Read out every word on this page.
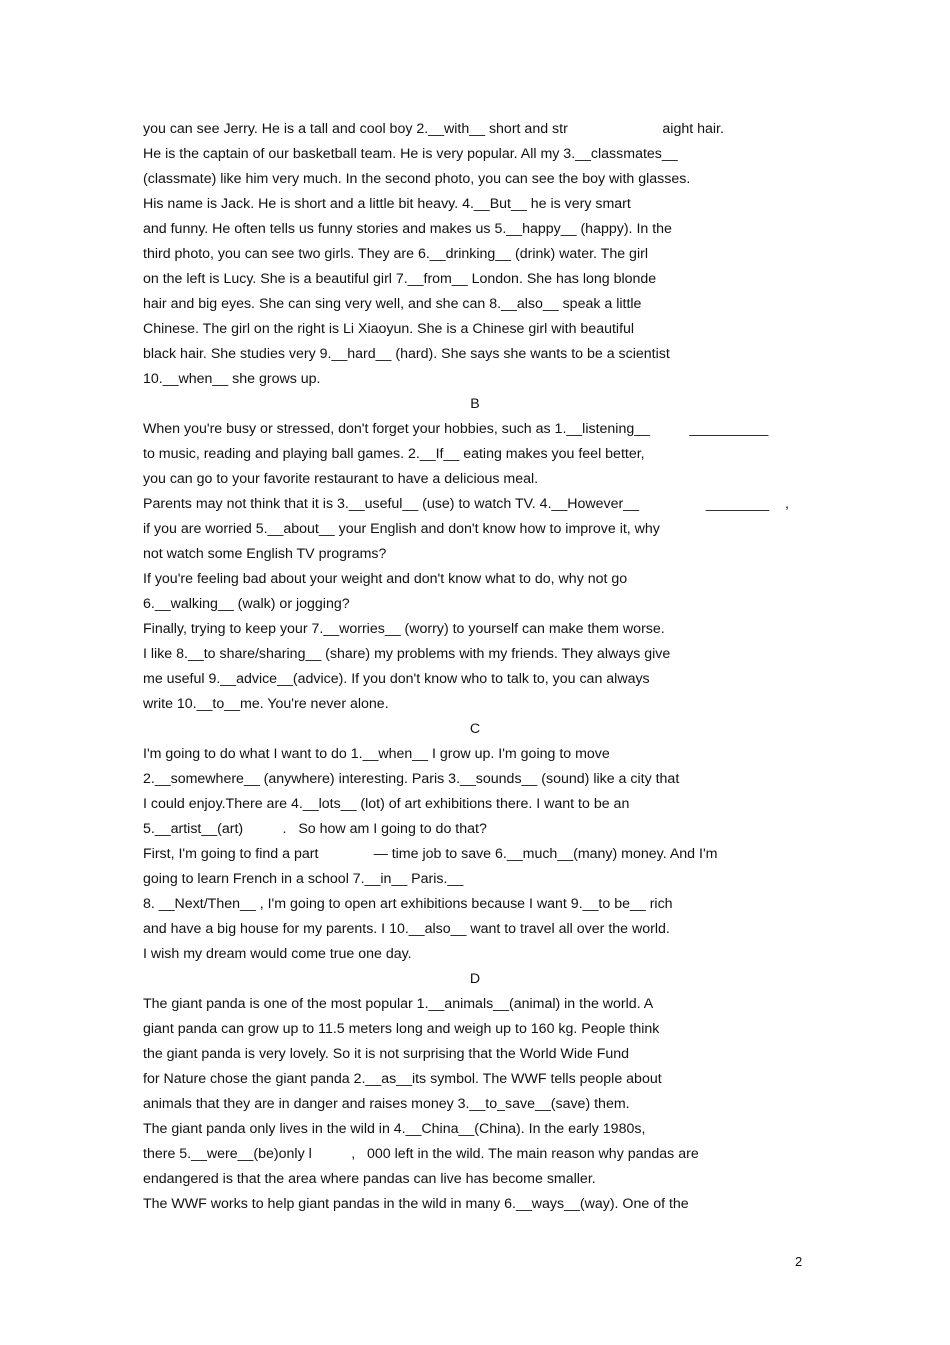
you can see Jerry. He is a tall and cool boy 2.__with__ short and str                        aight hair.
He is the captain of our basketball team. He is very popular. All my 3.__classmates__
(classmate) like him very much. In the second photo, you can see the boy with glasses.
His name is Jack. He is short and a little bit heavy. 4.__But__ he is very smart
and funny. He often tells us funny stories and makes us 5.__happy__ (happy). In the
third photo, you can see two girls. They are 6.__drinking__ (drink) water. The girl
on the left is Lucy. She is a beautiful girl 7.__from__ London. She has long blonde
hair and big eyes. She can sing very well, and she can 8.__also__ speak a little
Chinese. The girl on the right is Li Xiaoyun. She is a Chinese girl with beautiful
black hair. She studies very 9.__hard__ (hard). She says she wants to be a scientist
10.__when__ she grows up.
B
When you're busy or stressed, don't forget your hobbies, such as 1.__listening__          __________
to music, reading and playing ball games. 2.__If__ eating makes you feel better,
you can go to your favorite restaurant to have a delicious meal.
Parents may not think that it is 3.__useful__ (use) to watch TV. 4.__However__                 ________    ,
if you are worried 5.__about__ your English and don't know how to improve it, why
not watch some English TV programs?
If you're feeling bad about your weight and don't know what to do, why not go
6.__walking__ (walk) or jogging?
Finally, trying to keep your 7.__worries__ (worry) to yourself can make them worse.
I like 8.__to share/sharing__ (share) my problems with my friends. They always give
me useful 9.__advice__(advice). If you don't know who to talk to, you can always
write 10.__to__me. You're never alone.
C
I'm going to do what I want to do 1.__when__ I grow up. I'm going to move
2.__somewhere__ (anywhere) interesting. Paris 3.__sounds__ (sound) like a city that
I could enjoy.There are 4.__lots__ (lot) of art exhibitions there. I want to be an
5.__artist__(art)          .   So how am I going to do that?
First, I'm going to find a part              — time job to save 6.__much__(many) money. And I'm
going to learn French in a school 7.__in__ Paris.__
8. __Next/Then__ , I'm going to open art exhibitions because I want 9.__to be__ rich
and have a big house for my parents. I 10.__also__ want to travel all over the world.
I wish my dream would come true one day.
D
The giant panda is one of the most popular 1.__animals__(animal) in the world. A
giant panda can grow up to 11.5 meters long and weigh up to 160 kg. People think
the giant panda is very lovely. So it is not surprising that the World Wide Fund
for Nature chose the giant panda 2.__as__its symbol. The WWF tells people about
animals that they are in danger and raises money 3.__to_save__(save) them.
The giant panda only lives in the wild in 4.__China__(China). In the early 1980s,
there 5.__were__(be)only l          ,   000 left in the wild. The main reason why pandas are
endangered is that the area where pandas can live has become smaller.
The WWF works to help giant pandas in the wild in many 6.__ways__(way). One of the
2
